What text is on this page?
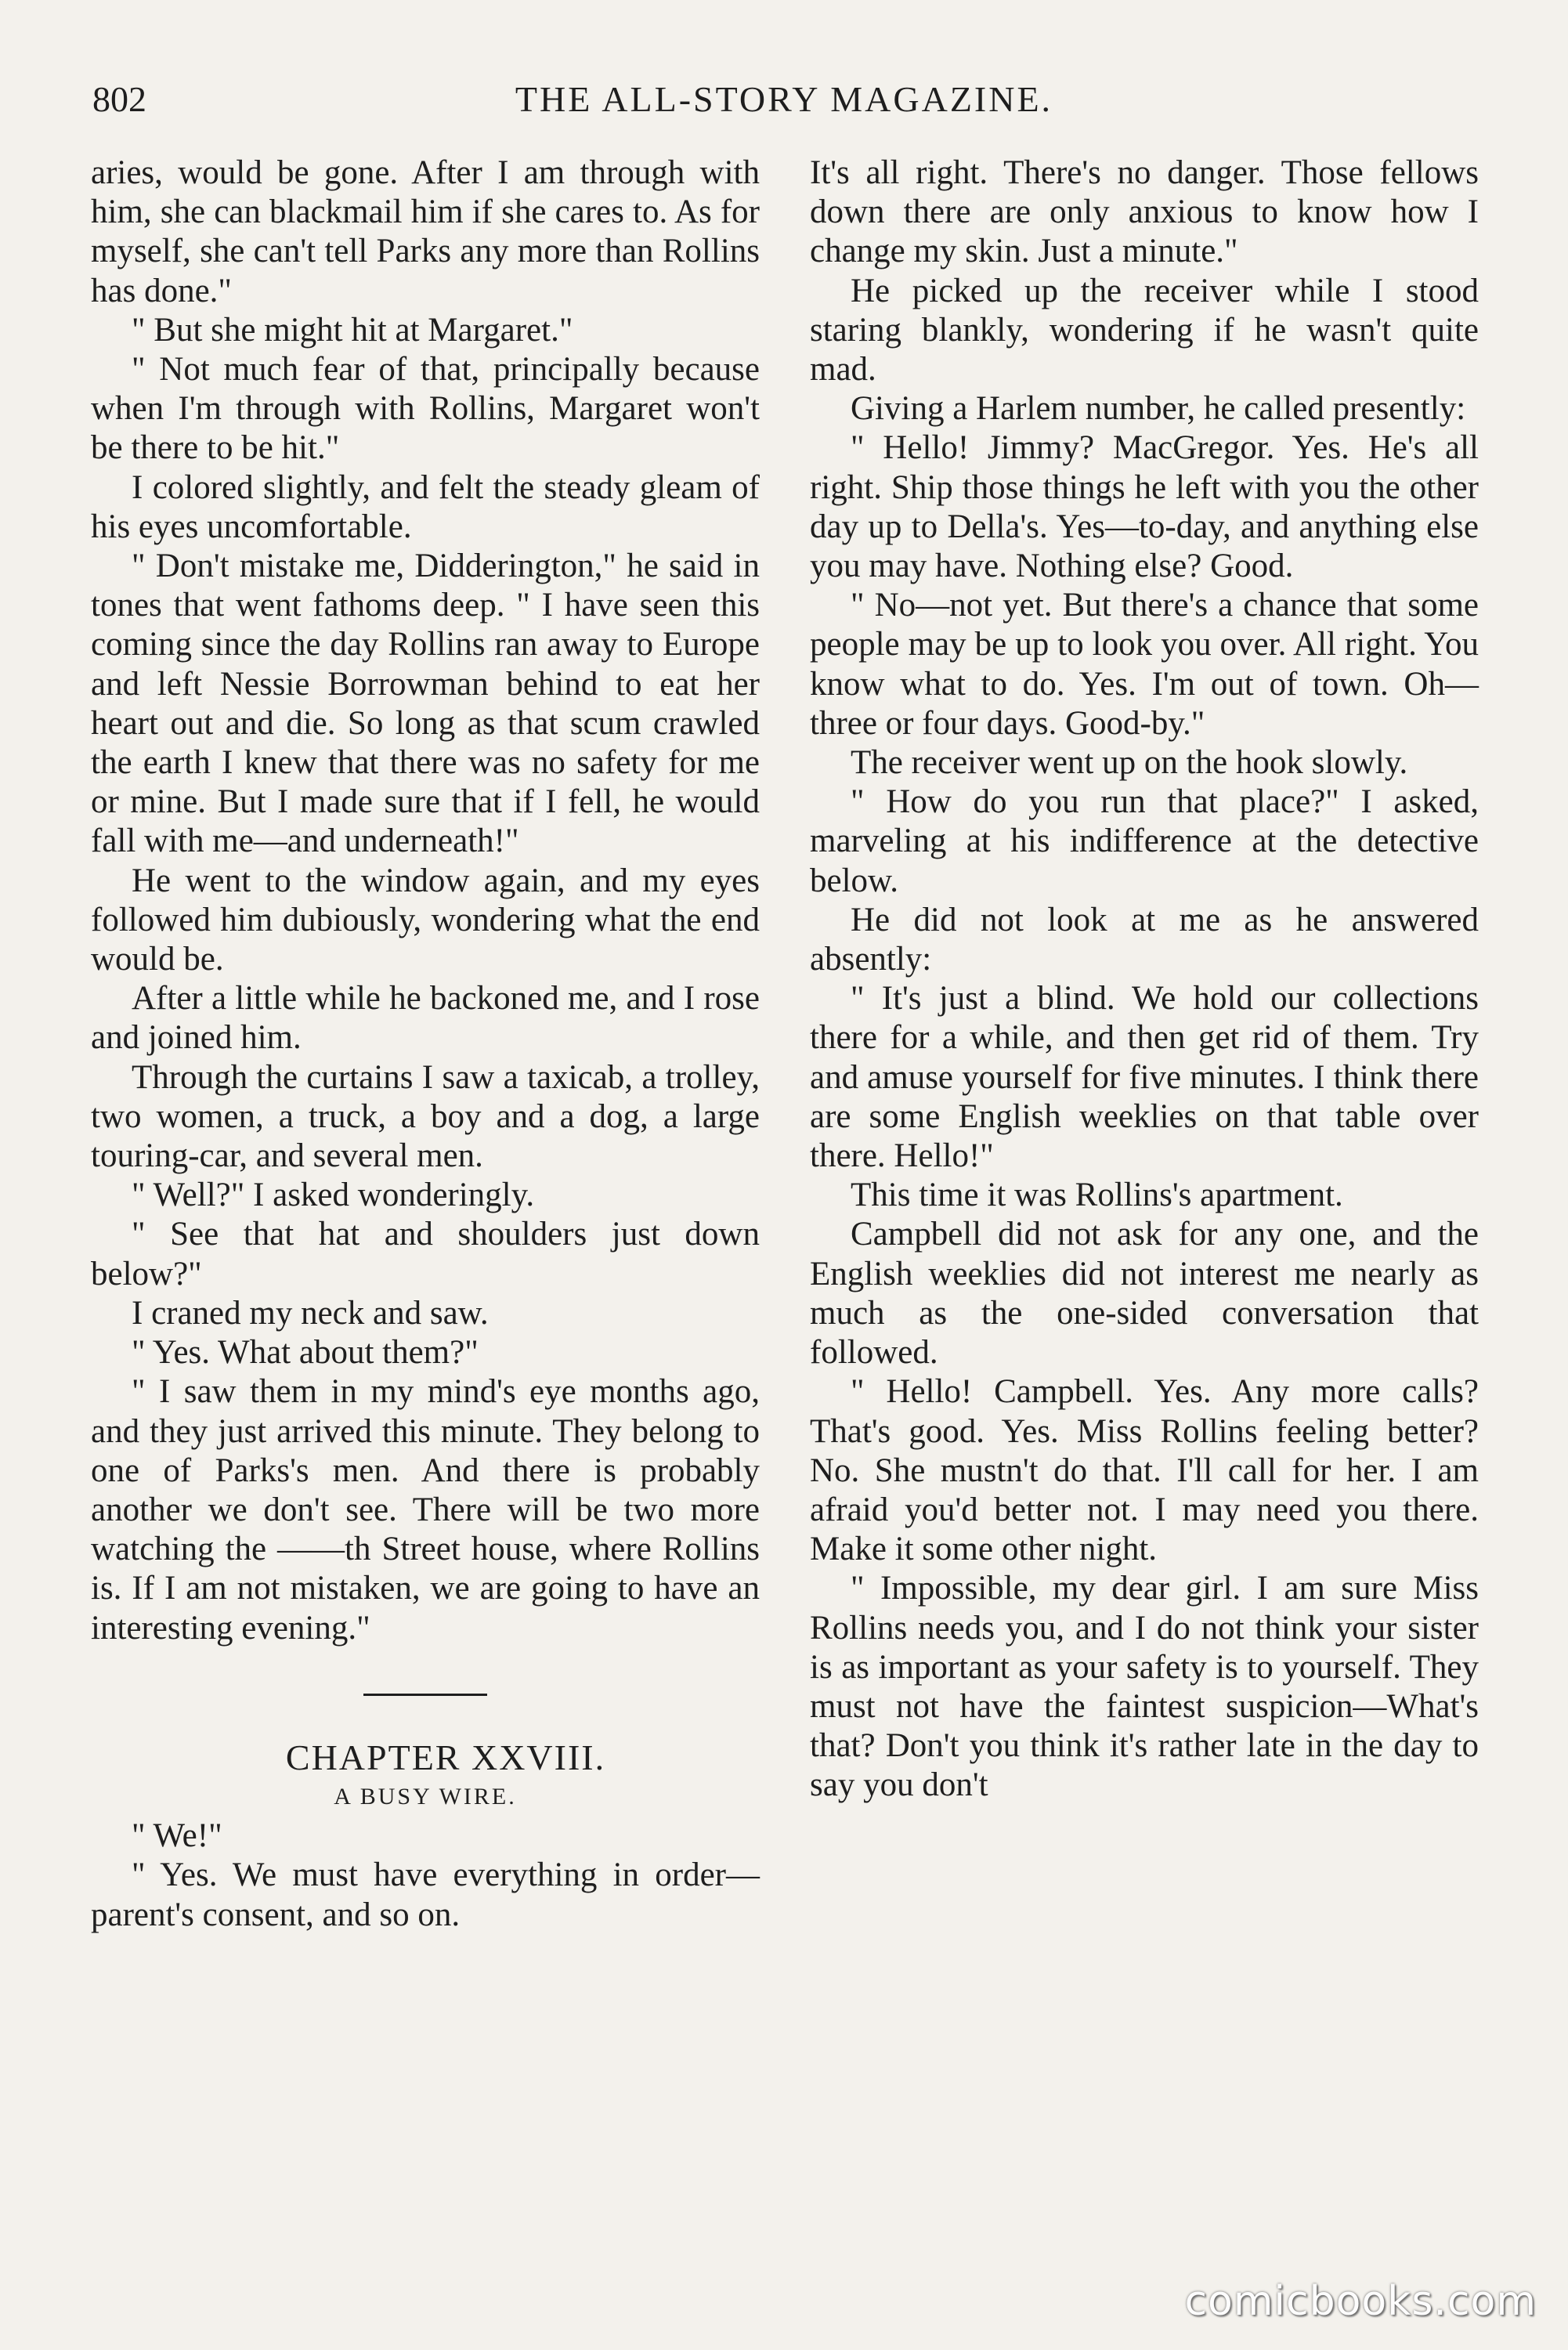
802	THE ALL-STORY MAGAZINE.

aries, would be gone. After I am through with him, she can blackmail him if she cares to. As for myself, she can't tell Parks any more than Rollins has done."

" But she might hit at Margaret."

" Not much fear of that, principally because when I'm through with Rollins, Margaret won't be there to be hit."

I colored slightly, and felt the steady gleam of his eyes uncomfortable.

" Don't mistake me, Didderington," he said in tones that went fathoms deep. " I have seen this coming since the day Rollins ran away to Europe and left Nessie Borrowman behind to eat her heart out and die. So long as that scum crawled the earth I knew that there was no safety for me or mine. But I made sure that if I fell, he would fall with me—and underneath!"

He went to the window again, and my eyes followed him dubiously, wondering what the end would be.

After a little while he backoned me, and I rose and joined him.

Through the curtains I saw a taxicab, a trolley, two women, a truck, a boy and a dog, a large touring-car, and several men.

" Well?" I asked wonderingly.

" See that hat and shoulders just down below?"

I craned my neck and saw.

" Yes. What about them?"

" I saw them in my mind's eye months ago, and they just arrived this minute. They belong to one of Parks's men. And there is probably another we don't see. There will be two more watching the ——th Street house, where Rollins is. If I am not mistaken, we are going to have an interesting evening."

CHAPTER XXVIII.

A BUSY WIRE.

" We!"

" Yes. We must have everything in order—parent's consent, and so on.

It's all right. There's no danger. Those fellows down there are only anxious to know how I change my skin. Just a minute."

He picked up the receiver while I stood staring blankly, wondering if he wasn't quite mad.

Giving a Harlem number, he called presently:

" Hello! Jimmy? MacGregor. Yes. He's all right. Ship those things he left with you the other day up to Della's. Yes—to-day, and anything else you may have. Nothing else? Good.

" No—not yet. But there's a chance that some people may be up to look you over. All right. You know what to do. Yes. I'm out of town. Oh—three or four days. Good-by."

The receiver went up on the hook slowly.

" How do you run that place?" I asked, marveling at his indifference at the detective below.

He did not look at me as he answered absently:

" It's just a blind. We hold our collections there for a while, and then get rid of them. Try and amuse yourself for five minutes. I think there are some English weeklies on that table over there. Hello!"

This time it was Rollins's apartment.

Campbell did not ask for any one, and the English weeklies did not interest me nearly as much as the one-sided conversation that followed.

" Hello! Campbell. Yes. Any more calls? That's good. Yes. Miss Rollins feeling better? No. She mustn't do that. I'll call for her. I am afraid you'd better not. I may need you there. Make it some other night.

" Impossible, my dear girl. I am sure Miss Rollins needs you, and I do not think your sister is as important as your safety is to yourself. They must not have the faintest suspicion—What's that? Don't you think it's rather late in the day to say you don't

comicbooks.com
